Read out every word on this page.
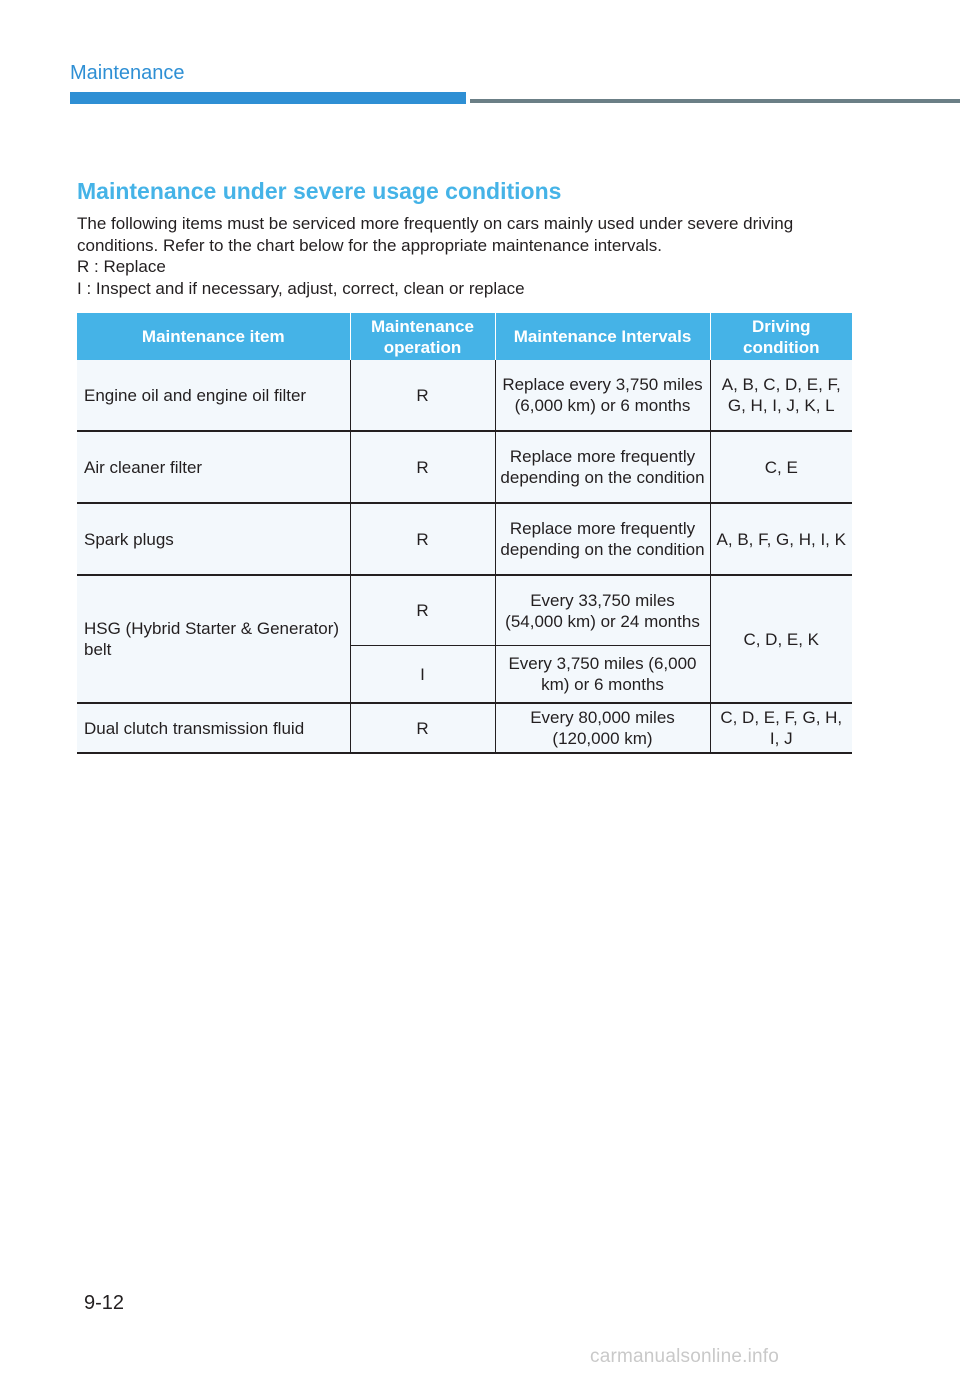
Maintenance
Maintenance under severe usage conditions

The following items must be serviced more frequently on cars mainly used under severe driving conditions. Refer to the chart below for the appropriate maintenance intervals.

R : Replace
I : Inspect and if necessary, adjust, correct, clean or replace
Maintenance item	Maintenance operation	Maintenance Intervals	Driving condition
Engine oil and engine oil filter	R	Replace every 3,750 miles (6,000 km) or 6 months	A, B, C, D, E, F, G, H, I, J, K, L
Air cleaner filter	R	Replace more frequently depending on the condition	C, E
Spark plugs	R	Replace more frequently depending on the condition	A, B, F, G, H, I, K
HSG (Hybrid Starter & Generator) belt	R	Every 33,750 miles (54,000 km) or 24 months	C, D, E, K
	I	Every 3,750 miles (6,000 km) or 6 months	
Dual clutch transmission fluid	R	Every 80,000 miles (120,000 km)	C, D, E, F, G, H, I, J
9-12
carmanualsonline.info
